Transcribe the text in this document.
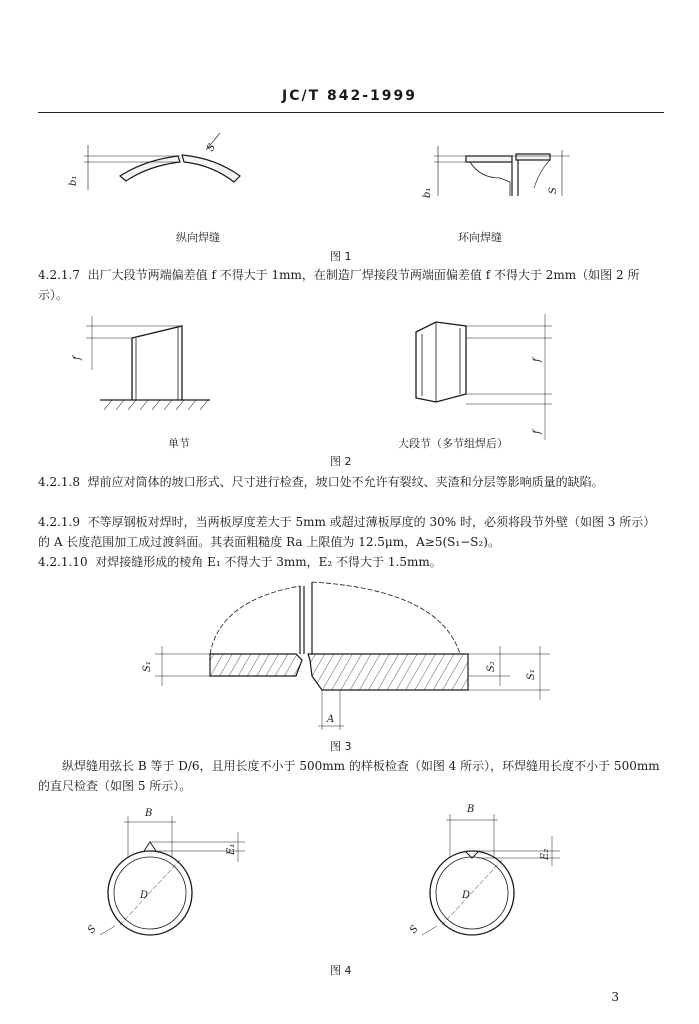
JC/T 842-1999
b₁
S
b₁	S
纵向焊缝	环向焊缝
图 1
4.2.1.7 出厂大段节两端偏差值 f 不得大于 1mm，在制造厂焊接段节两端面偏差值 f 不得大于 2mm（如图 2 所示）。
f
f
f
单节	大段节（多节组焊后）
图 2
4.2.1.8 焊前应对筒体的坡口形式、尺寸进行检查，坡口处不允许有裂纹、夹渣和分层等影响质量的缺陷。
4.2.1.9 不等厚钢板对焊时，当两板厚度差大于 5mm 或超过薄板厚度的 30% 时，必须将段节外壁（如图 3 所示）的 A 长度范围加工成过渡斜面。其表面粗糙度 Ra 上限值为 12.5μm，A≥5(S₁−S₂)。
4.2.1.10 对焊接缝形成的棱角 E₁ 不得大于 3mm，E₂ 不得大于 1.5mm。
S₁	S₂
S₁
A
图 3
纵焊缝用弦长 B 等于 D/6，且用长度不小于 500mm 的样板检查（如图 4 所示），环焊缝用长度不小于 500mm 的直尺检查（如图 5 所示）。
B
E₁
D
S
B
E₂
D
S
图 4
3
